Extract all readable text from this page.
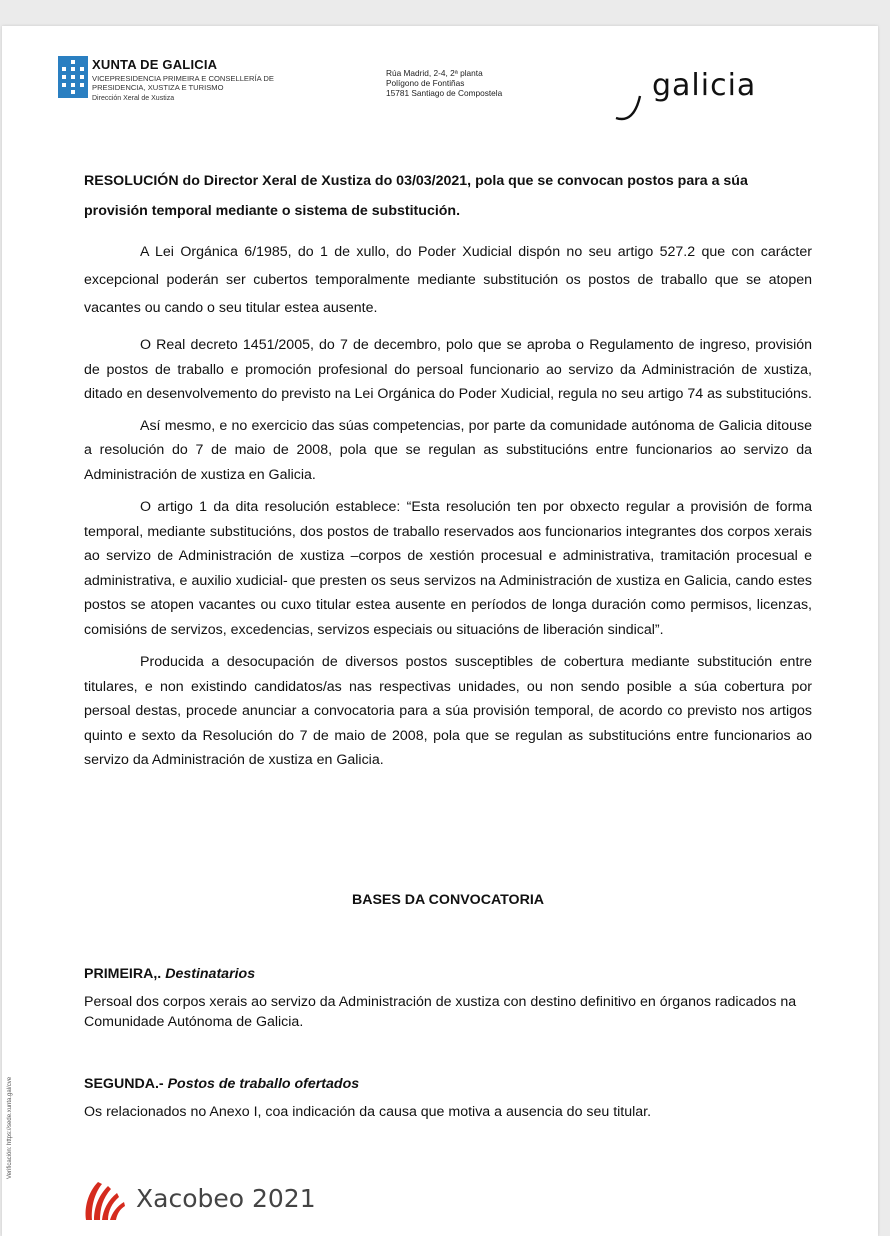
XUNTA DE GALICIA
VICEPRESIDENCIA PRIMEIRA E CONSELLERÍA DE
PRESIDENCIA, XUSTIZA E TURISMO
Dirección Xeral de Xustiza
Rúa Madrid, 2-4, 2ª planta
Polígono de Fontiñas
15781 Santiago de Compostela	galicia

RESOLUCIÓN do Director Xeral de Xustiza do 03/03/2021, pola que se convocan postos para a súa provisión temporal mediante o sistema de substitución.

A Lei Orgánica 6/1985, do 1 de xullo, do Poder Xudicial dispón no seu artigo 527.2 que con carácter excepcional poderán ser cubertos temporalmente mediante substitución os postos de traballo que se atopen vacantes ou cando o seu titular estea ausente.

O Real decreto 1451/2005, do 7 de decembro, polo que se aproba o Regulamento de ingreso, provisión de postos de traballo e promoción profesional do persoal funcionario ao servizo da Administración de xustiza, ditado en desenvolvemento do previsto na Lei Orgánica do Poder Xudicial, regula no seu artigo 74 as substitucións.

Así mesmo, e no exercicio das súas competencias, por parte da comunidade autónoma de Galicia ditouse a resolución do 7 de maio de 2008, pola que se regulan as substitucións entre funcionarios ao servizo da Administración de xustiza en Galicia.

O artigo 1 da dita resolución establece: “Esta resolución ten por obxecto regular a provisión de forma temporal, mediante substitucións, dos postos de traballo reservados aos funcionarios integrantes dos corpos xerais ao servizo de Administración de xustiza –corpos de xestión procesual e administrativa, tramitación procesual e administrativa, e auxilio xudicial- que presten os seus servizos na Administración de xustiza en Galicia, cando estes postos se atopen vacantes ou cuxo titular estea ausente en períodos de longa duración como permisos, licenzas, comisións de servizos, excedencias, servizos especiais ou situacións de liberación sindical”.

Producida a desocupación de diversos postos susceptibles de cobertura mediante substitución entre titulares, e non existindo candidatos/as nas respectivas unidades, ou non sendo posible a súa cobertura por persoal destas, procede anunciar a convocatoria para a súa provisión temporal, de acordo co previsto nos artigos quinto e sexto da Resolución do 7 de maio de 2008, pola que se regulan as substitucións entre funcionarios ao servizo da Administración de xustiza en Galicia.

BASES DA CONVOCATORIA
PRIMEIRA,. Destinatarios
Persoal dos corpos xerais ao servizo da Administración de xustiza con destino definitivo en órganos radicados na Comunidade Autónoma de Galicia.
SEGUNDA.- Postos de traballo ofertados
Os relacionados no Anexo I, coa indicación da causa que motiva a ausencia do seu titular.
Verificación: https://sede.xunta.gal/cve
Xacobeo 2021
